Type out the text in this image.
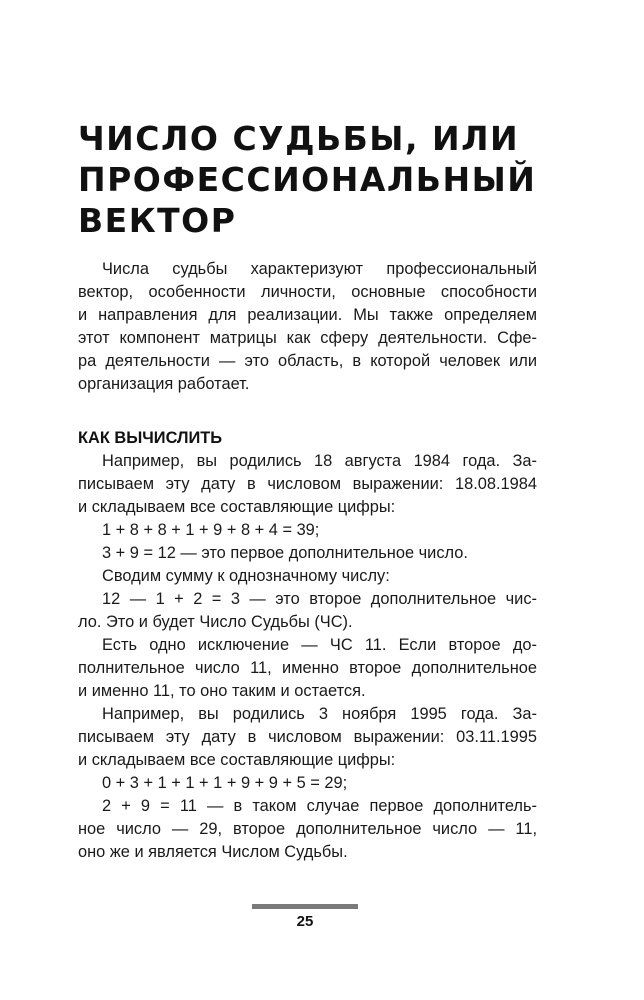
ЧИСЛО СУДЬБЫ, ИЛИ
ПРОФЕССИОНАЛЬНЫЙ
ВЕКТОР
Числа судьбы характеризуют профессиональный
вектор, особенности личности, основные способности
и направления для реализации. Мы также определяем
этот компонент матрицы как сферу деятельности. Сфе-
ра деятельности — это область, в которой человек или
организация работает.
КАК ВЫЧИСЛИТЬ
Например, вы родились 18 августа 1984 года. За-
писываем эту дату в числовом выражении: 18.08.1984
и складываем все составляющие цифры:
1 + 8 + 8 + 1 + 9 + 8 + 4 = 39;
3 + 9 = 12 — это первое дополнительное число.
Сводим сумму к однозначному числу:
12 — 1 + 2 = 3 — это второе дополнительное чис-
ло. Это и будет Число Судьбы (ЧС).
Есть одно исключение — ЧС 11. Если второе до-
полнительное число 11, именно второе дополнительное
и именно 11, то оно таким и остается.
Например, вы родились 3 ноября 1995 года. За-
писываем эту дату в числовом выражении: 03.11.1995
и складываем все составляющие цифры:
0 + 3 + 1 + 1 + 1 + 9 + 9 + 5 = 29;
2 + 9 = 11 — в таком случае первое дополнитель-
ное число — 29, второе дополнительное число — 11,
оно же и является Числом Судьбы.
25
